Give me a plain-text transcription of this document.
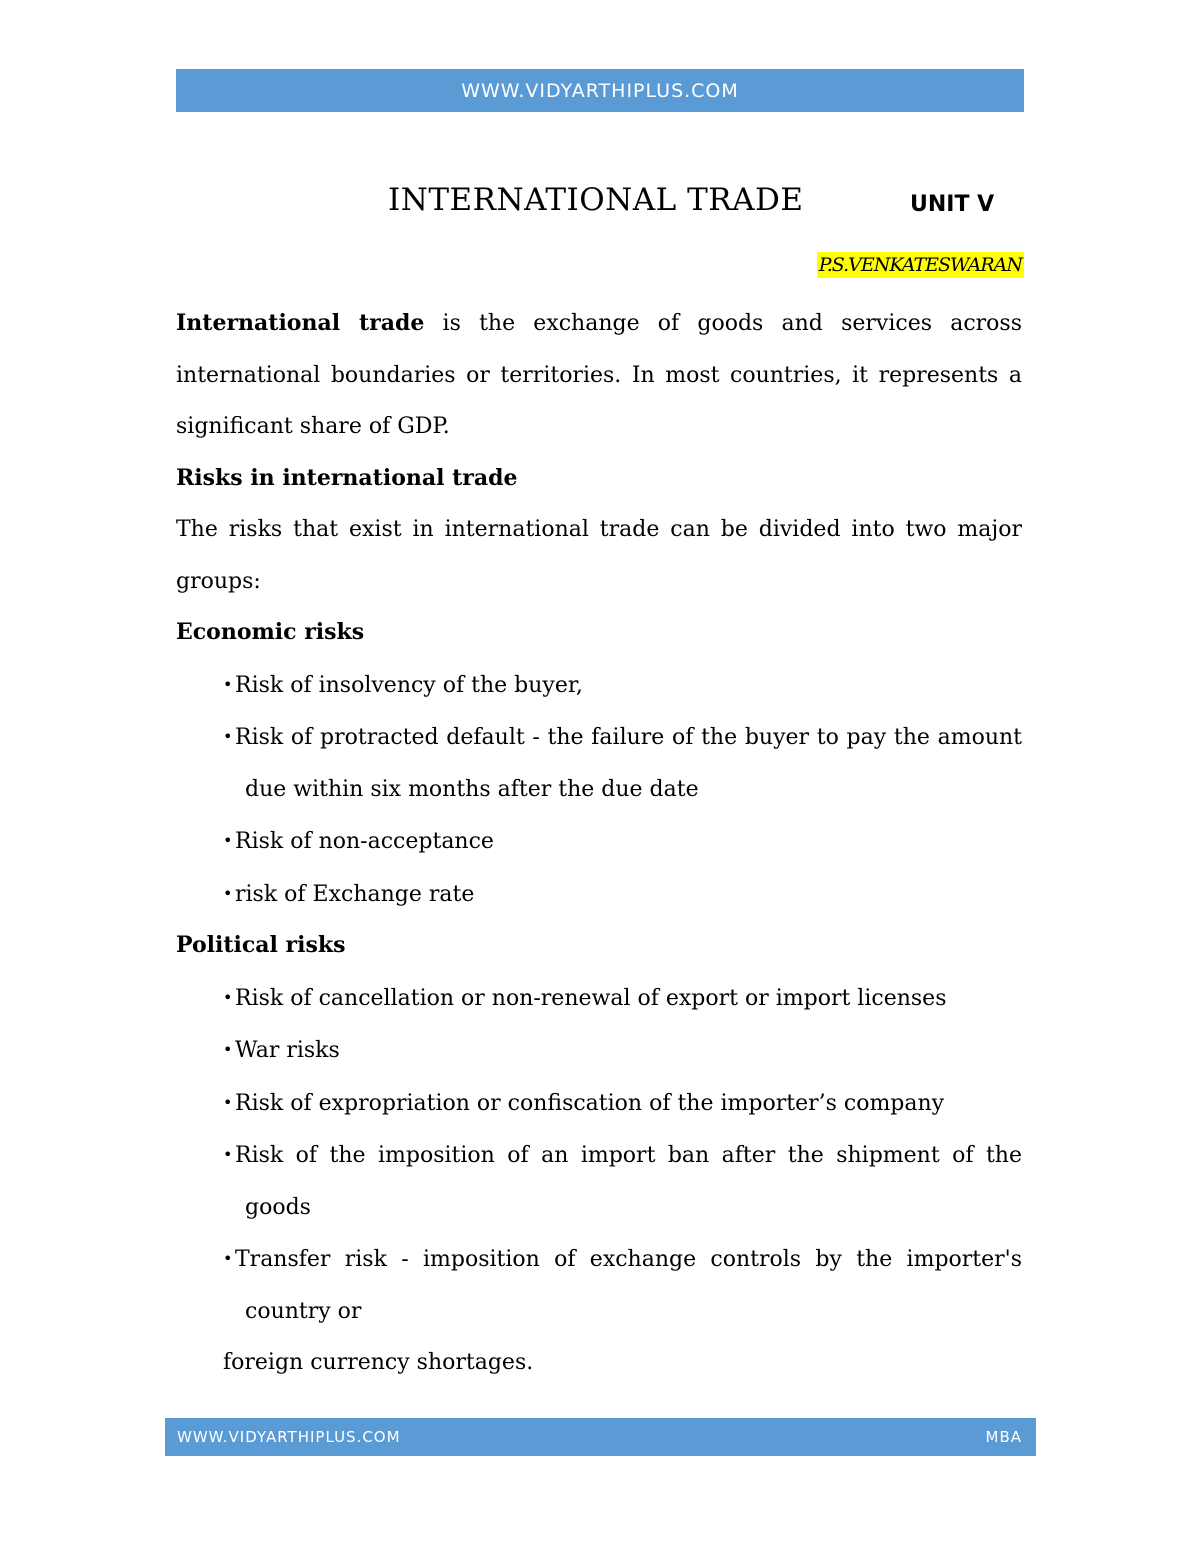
WWW.VIDYARTHIPLUS.COM
INTERNATIONAL TRADE	UNIT V
P.S.VENKATESWARAN

International trade is the exchange of goods and services across international boundaries or territories. In most countries, it represents a significant share of GDP.

Risks in international trade

The risks that exist in international trade can be divided into two major groups:

Economic risks

• Risk of insolvency of the buyer,

• Risk of protracted default - the failure of the buyer to pay the amount due within six months after the due date

• Risk of non-acceptance

• risk of Exchange rate

Political risks

• Risk of cancellation or non-renewal of export or import licenses

• War risks

• Risk of expropriation or confiscation of the importer’s company

• Risk of the imposition of an import ban after the shipment of the goods

• Transfer risk - imposition of exchange controls by the importer's country or

foreign currency shortages.

WWW.VIDYARTHIPLUS.COM	MBA
